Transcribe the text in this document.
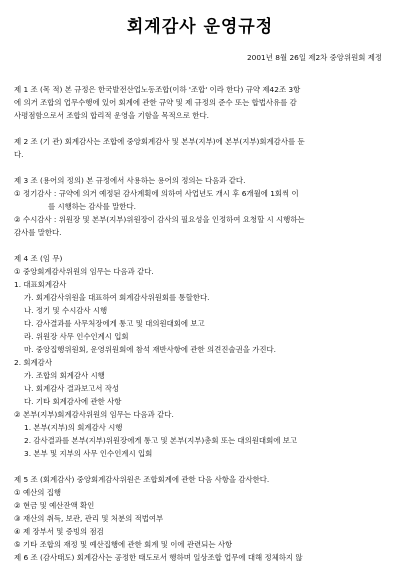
회계감사 운영규정
2001년 8월 26일 제2차 중앙위원회 제정
제 1 조 (목 적) 본 규정은 한국발전산업노동조합(이하 '조합' 이라 한다) 규약 제42조 3항
에 의거 조합의 업무수행에 있어 회계에 관한 규약 및 제 규정의 준수 또는 합법사유를 감
사평점함으로서 조합의 합리적 운영을 기함을 목적으로 한다.
제 2 조 (기 관) 회계감사는 조합에 중앙회계감사 및 본부(지부)에 본부(지부)회계감사를 둔
다.
제 3 조 (용어의 정의) 본 규정에서 사용하는 용어의 정의는 다음과 같다.
① 정기감사 : 규약에 의거 예정된 감사계획에 의하여 사업년도 개시 후 6개월에 1회씩 이
를 시행하는 감사를 말한다.
② 수시감사 : 위원장 및 본부(지부)위원장이 감사의 필요성을 인정하여 요청할 시 시행하는
감사를 말한다.
제 4 조 (임 무)
① 중앙회계감사위원의 임무는 다음과 같다.
1. 대표회계감사
가. 회계감사위원을 대표하여 회계감사위원회를 통할한다.
나. 정기 및 수시감사 시행
다. 감사결과를 사무처장에게 통고 및 대의원대회에 보고
라. 위원장 사무 인수인계시 입회
마. 중앙집행위원회, 운영위원회에 참석 재반사항에 관한 의견진술권을 가진다.
2. 회계감사
가. 조합의 회계감사 시행
나. 회계감사 결과보고서 작성
다. 기타 회계감사에 관한 사항
② 본부(지부)회계감사위원의 임무는 다음과 같다.
1. 본부(지부)의 회계감사 시행
2. 감사결과를 본부(지부)위원장에게 통고 및 본부(지부)총회 또는 대의원대회에 보고
3. 본부 및 지부의 사무 인수인계시 입회
제 5 조 (회계감사) 중앙회계감사위원은 조합회계에 관한 다음 사항을 감사한다.
① 예산의 집행
② 현금 및 예산잔액 확인
③ 재산의 취득, 보관, 관리 및 처분의 적법여부
④ 제 장부서 및 증빙의 점검
⑤ 기타 조합의 재정 및 예산집행에 관한 회계 및 이에 관련되는 사항
제 6 조 (감사태도) 회계감사는 공정한 태도로서 행하며 일상조합 업무에 대해 정체하지 않
